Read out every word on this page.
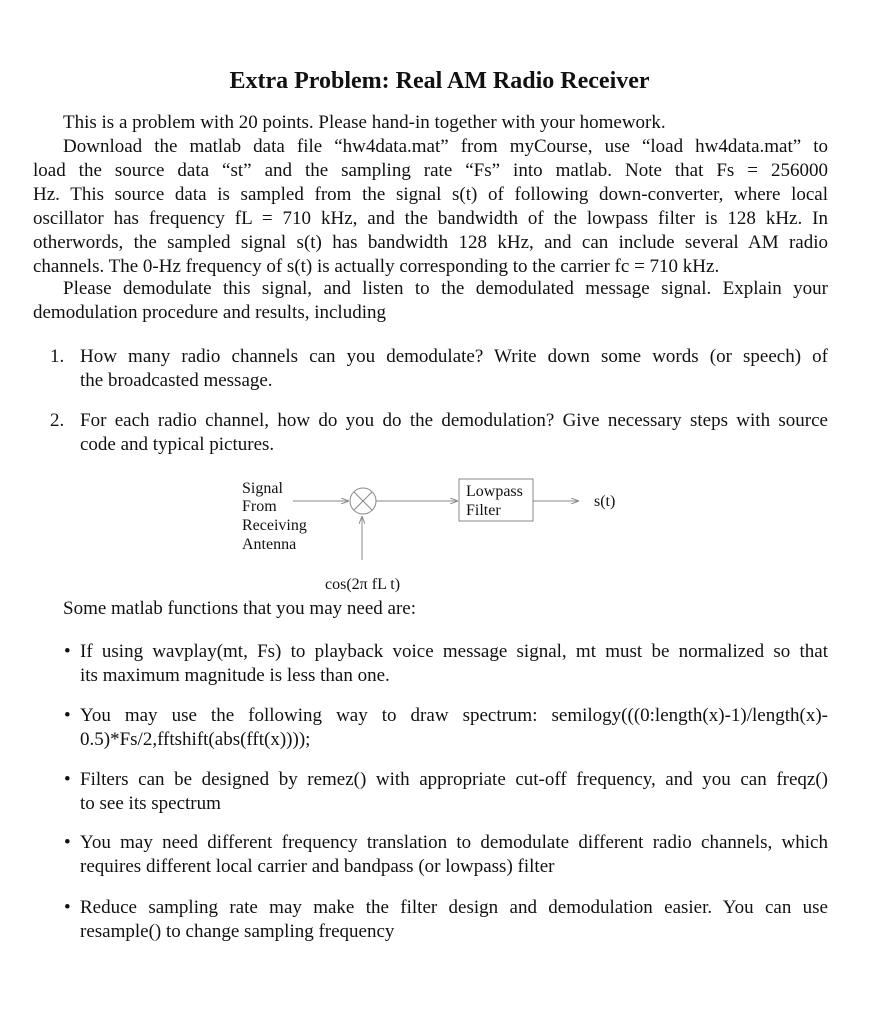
Extra Problem: Real AM Radio Receiver
This is a problem with 20 points. Please hand-in together with your homework.
Download the matlab data file “hw4data.mat” from myCourse, use “load hw4data.mat” to
load the source data “st” and the sampling rate “Fs” into matlab. Note that Fs = 256000
Hz. This source data is sampled from the signal s(t) of following down-converter, where local
oscillator has frequency fL = 710 kHz, and the bandwidth of the lowpass filter is 128 kHz. In
otherwords, the sampled signal s(t) has bandwidth 128 kHz, and can include several AM radio
channels. The 0-Hz frequency of s(t) is actually corresponding to the carrier fc = 710 kHz.
Please demodulate this signal, and listen to the demodulated message signal. Explain your
demodulation procedure and results, including
1. How many radio channels can you demodulate? Write down some words (or speech) of
the broadcasted message.
2. For each radio channel, how do you do the demodulation? Give necessary steps with source
code and typical pictures.
Signal
From
Receiving
Antenna
Lowpass
Filter
s(t)
cos(2π fL t)
Some matlab functions that you may need are:
• If using wavplay(mt, Fs) to playback voice message signal, mt must be normalized so that
its maximum magnitude is less than one.
• You may use the following way to draw spectrum: semilogy(((0:length(x)-1)/length(x)-
0.5)*Fs/2,fftshift(abs(fft(x))));
• Filters can be designed by remez() with appropriate cut-off frequency, and you can freqz()
to see its spectrum
• You may need different frequency translation to demodulate different radio channels, which
requires different local carrier and bandpass (or lowpass) filter
• Reduce sampling rate may make the filter design and demodulation easier. You can use
resample() to change sampling frequency
